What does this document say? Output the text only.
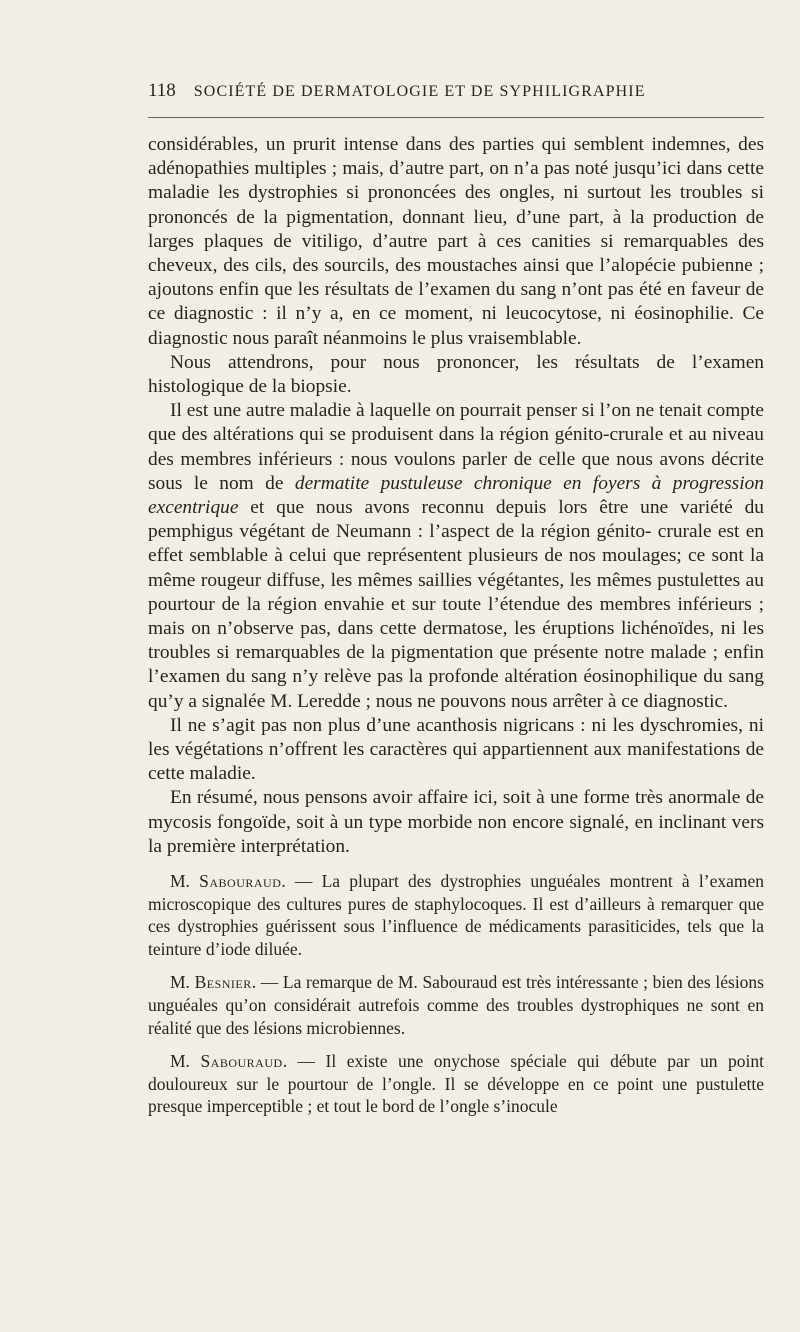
118 SOCIÉTÉ DE DERMATOLOGIE ET DE SYPHILIGRAPHIE

considérables, un prurit intense dans des parties qui semblent indemnes, des adénopathies multiples ; mais, d’autre part, on n’a pas noté jusqu’ici dans cette maladie les dystrophies si prononcées des ongles, ni surtout les troubles si prononcés de la pigmentation, donnant lieu, d’une part, à la production de larges plaques de vitiligo, d’autre part à ces canities si remarquables des cheveux, des cils, des sourcils, des moustaches ainsi que l’alopécie pubienne ; ajoutons enfin que les résultats de l’examen du sang n’ont pas été en faveur de ce diagnostic : il n’y a, en ce moment, ni leucocytose, ni éosinophilie. Ce diagnostic nous paraît néanmoins le plus vraisemblable.

Nous attendrons, pour nous prononcer, les résultats de l’examen histologique de la biopsie.

Il est une autre maladie à laquelle on pourrait penser si l’on ne tenait compte que des altérations qui se produisent dans la région génito-crurale et au niveau des membres inférieurs : nous voulons parler de celle que nous avons décrite sous le nom de dermatite pustuleuse chronique en foyers à progression excentrique et que nous avons reconnu depuis lors être une variété du pemphigus végétant de Neumann : l’aspect de la région génito- crurale est en effet semblable à celui que représentent plusieurs de nos moulages; ce sont la même rougeur diffuse, les mêmes saillies végétantes, les mêmes pustulettes au pourtour de la région envahie et sur toute l’étendue des membres inférieurs ; mais on n’observe pas, dans cette dermatose, les éruptions lichénoïdes, ni les troubles si remarquables de la pigmentation que présente notre malade ; enfin l’examen du sang n’y relève pas la profonde altération éosinophilique du sang qu’y a signalée M. Leredde ; nous ne pouvons nous arrêter à ce diagnostic.

Il ne s’agit pas non plus d’une acanthosis nigricans : ni les dyschromies, ni les végétations n’offrent les caractères qui appartiennent aux manifestations de cette maladie.

En résumé, nous pensons avoir affaire ici, soit à une forme très anormale de mycosis fongoïde, soit à un type morbide non encore signalé, en inclinant vers la première interprétation.

M. Sabouraud. — La plupart des dystrophies unguéales montrent à l’examen microscopique des cultures pures de staphylocoques. Il est d’ailleurs à remarquer que ces dystrophies guérissent sous l’influence de médicaments parasiticides, tels que la teinture d’iode diluée.

M. Besnier. — La remarque de M. Sabouraud est très intéressante ; bien des lésions unguéales qu’on considérait autrefois comme des troubles dystrophiques ne sont en réalité que des lésions microbiennes.

M. Sabouraud. — Il existe une onychose spéciale qui débute par un point douloureux sur le pourtour de l’ongle. Il se développe en ce point une pustulette presque imperceptible ; et tout le bord de l’ongle s’inocule
